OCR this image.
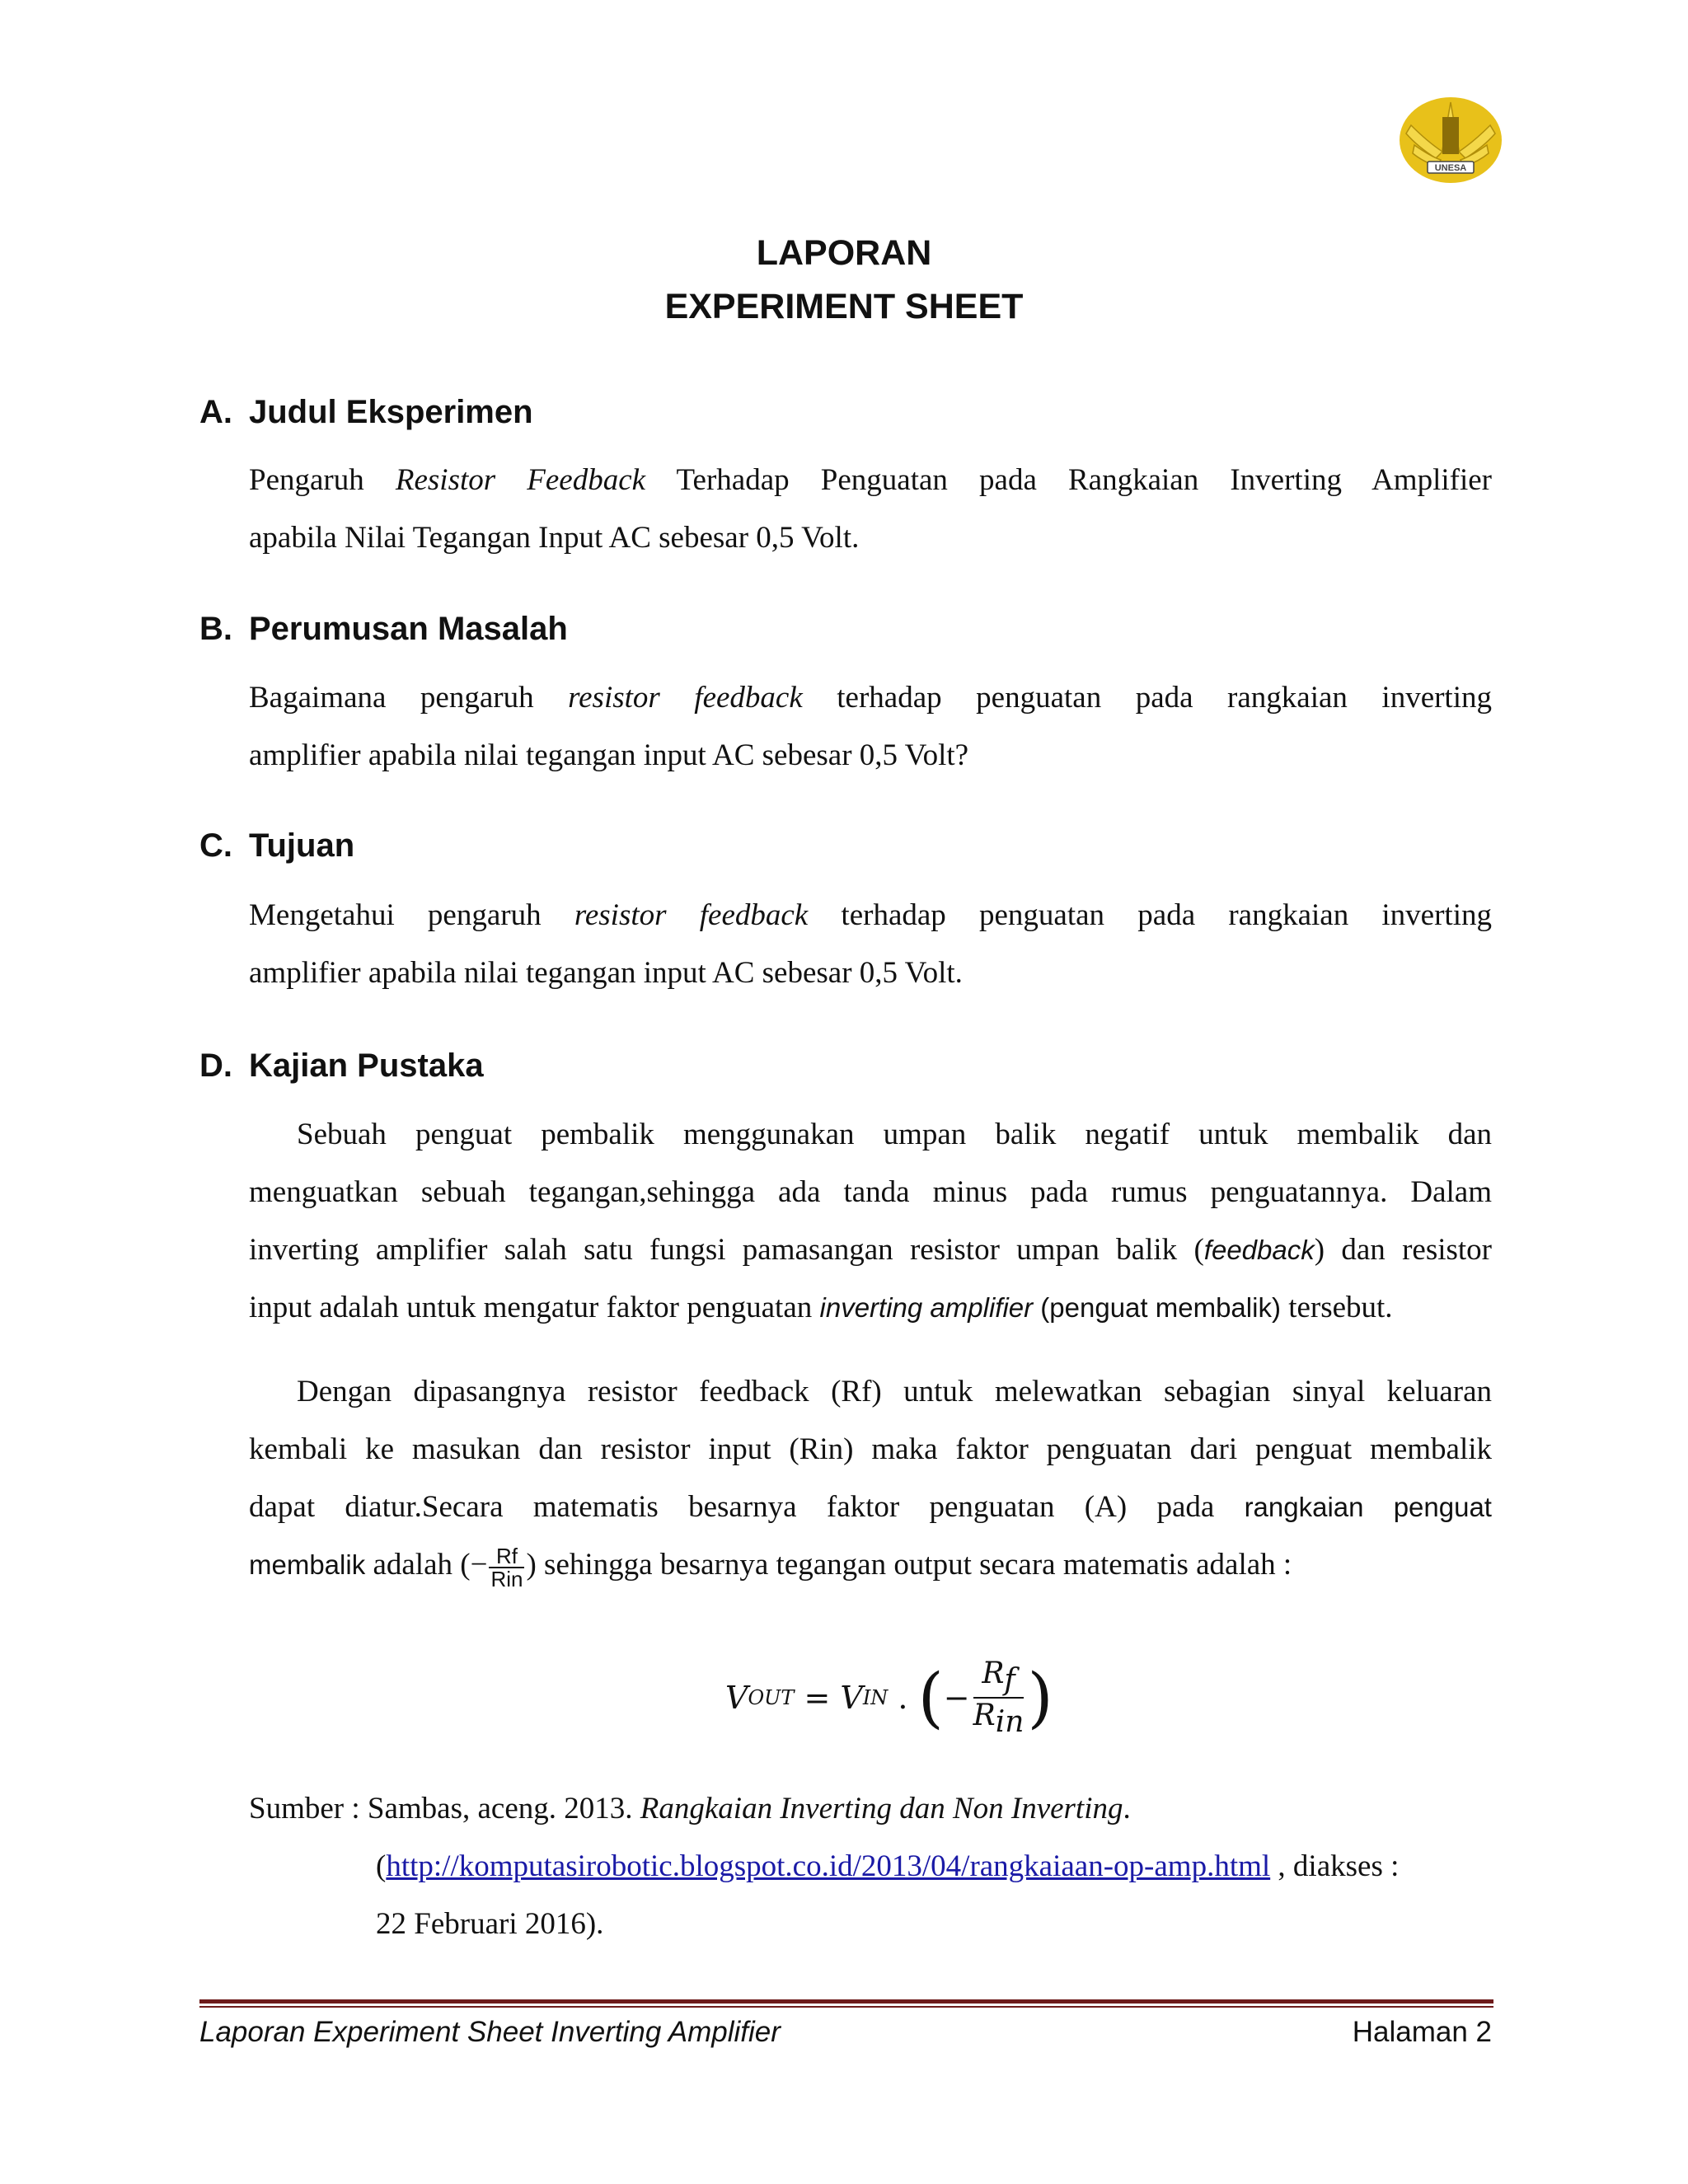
UNESA
LAPORAN
EXPERIMENT SHEET
A. Judul Eksperimen
Pengaruh Resistor Feedback Terhadap Penguatan pada Rangkaian Inverting Amplifier
apabila Nilai Tegangan Input AC sebesar 0,5 Volt.
B. Perumusan Masalah
Bagaimana pengaruh resistor feedback terhadap penguatan pada rangkaian inverting
amplifier apabila nilai tegangan input AC sebesar 0,5 Volt?
C. Tujuan
Mengetahui pengaruh resistor feedback terhadap penguatan pada rangkaian inverting
amplifier apabila nilai tegangan input AC sebesar 0,5 Volt.
D. Kajian Pustaka
Sebuah penguat pembalik menggunakan umpan balik negatif untuk membalik dan
menguatkan sebuah tegangan,sehingga ada tanda minus pada rumus penguatannya. Dalam
inverting amplifier salah satu fungsi pamasangan resistor umpan balik (feedback) dan resistor
input adalah untuk mengatur faktor penguatan inverting amplifier (penguat membalik) tersebut.
Dengan dipasangnya resistor feedback (Rf) untuk melewatkan sebagian sinyal keluaran
kembali ke masukan dan resistor input (Rin) maka faktor penguatan dari penguat membalik
dapat diatur.Secara matematis besarnya faktor penguatan (A) pada rangkaian penguat
membalik adalah (− $\frac{Rf}{\text{Rin}}$ ) sehingga besarnya tegangan output secara matematis adalah :
V OUT = V IN . ( −
Rf
Rin )
Sumber : Sambas, aceng. 2013. Rangkaian Inverting dan Non Inverting.
(http://komputasirobotic.blogspot.co.id/2013/04/rangkaiaan-op-amp.html , diakses :
22 Februari 2016).
Laporan Experiment Sheet Inverting Amplifier	Halaman 2
